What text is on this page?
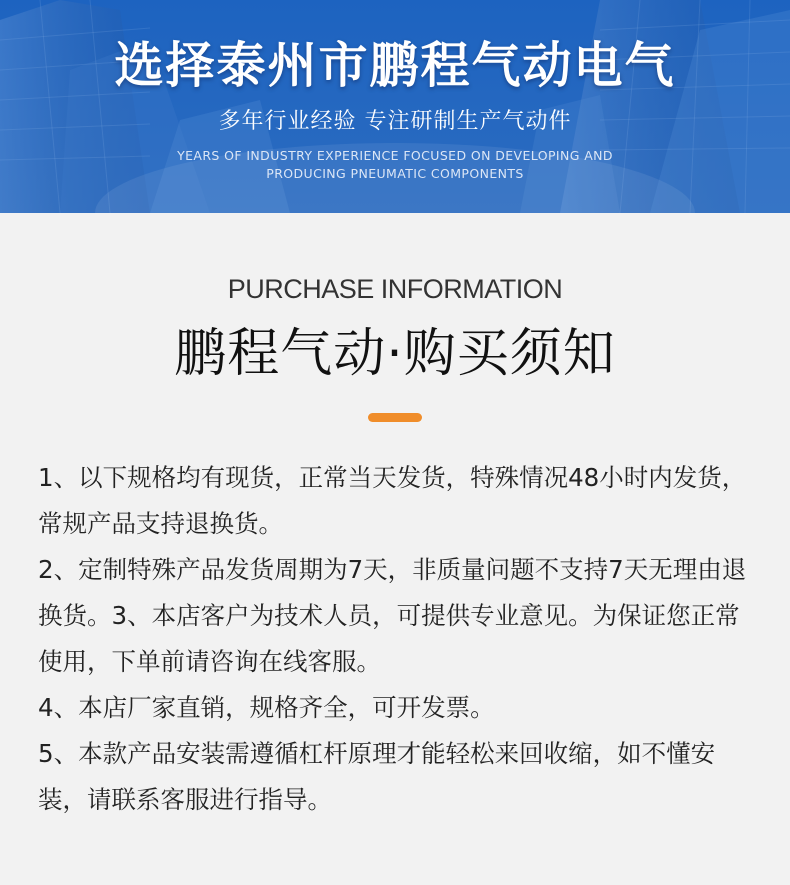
选择泰州市鹏程气动电气
多年行业经验 专注研制生产气动件
YEARS OF INDUSTRY EXPERIENCE FOCUSED ON DEVELOPING AND PRODUCING PNEUMATIC COMPONENTS
PURCHASE INFORMATION
鹏程气动·购买须知
1、以下规格均有现货，正常当天发货，特殊情况48小时内发货，常规产品支持退换货。
2、定制特殊产品发货周期为7天，非质量问题不支持7天无理由退换货。3、本店客户为技术人员，可提供专业意见。为保证您正常使用，下单前请咨询在线客服。
4、本店厂家直销，规格齐全，可开发票。
5、本款产品安装需遵循杠杆原理才能轻松来回收缩，如不懂安装，请联系客服进行指导。
